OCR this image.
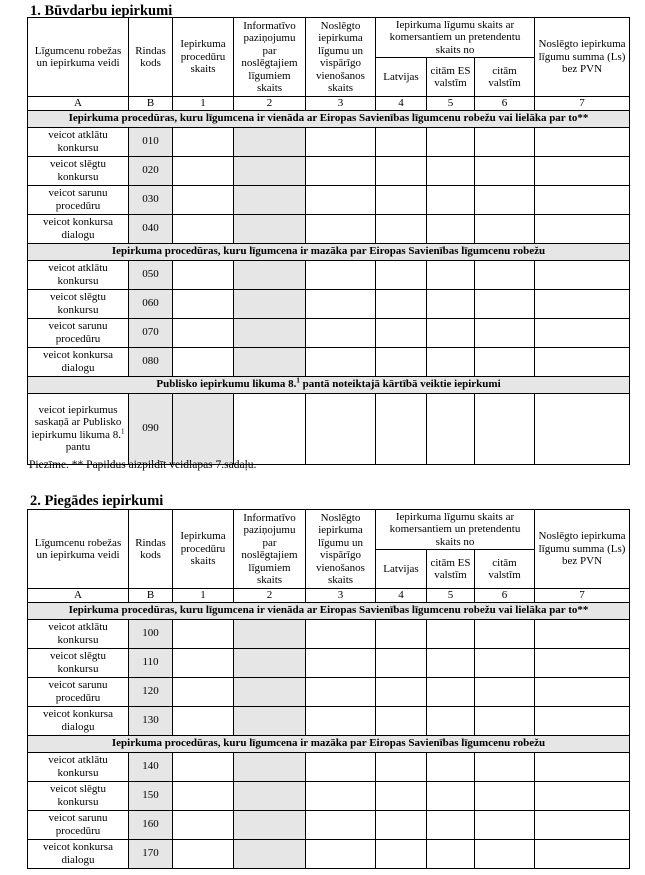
1. Būvdarbu iepirkumi
Līgumcenu robežas un iepirkuma veidi	Rindas kods	Iepirkuma procedūru skaits	Informatīvo paziņojumu par noslēgtajiem līgumiem skaits	Noslēgto iepirkuma līgumu un vispārīgo vienošanos skaits	Iepirkuma līgumu skaits ar komersantiem un pretendentu skaits no			Noslēgto iepirkuma līgumu summa (Ls) bez PVN
					Latvijas	citām ES valstīm	citām valstīm	
A	B	1	2	3	4	5	6	7
Iepirkuma procedūras, kuru līgumcena ir vienāda ar Eiropas Savienības līgumcenu robežu vai lielāka par to**								
veicot atklātu konkursu	010							
veicot slēgtu konkursu	020							
veicot sarunu procedūru	030							
veicot konkursa dialogu	040							
Iepirkuma procedūras, kuru līgumcena ir mazāka par Eiropas Savienības līgumcenu robežu								
veicot atklātu konkursu	050							
veicot slēgtu konkursu	060							
veicot sarunu procedūru	070							
veicot konkursa dialogu	080							
Publisko iepirkumu likuma 8.$^1$ pantā noteiktajā kārtībā veiktie iepirkumi								
veicot iepirkumus saskaņā ar Publisko iepirkumu likuma 8.$^1$ pantu	090							
Piezīme. ** Papildus aizpildīt veidlapas 7.sadaļu.
2. Piegādes iepirkumi
Līgumcenu robežas un iepirkuma veidi	Rindas kods	Iepirkuma procedūru skaits	Informatīvo paziņojumu par noslēgtajiem līgumiem skaits	Noslēgto iepirkuma līgumu un vispārīgo vienošanos skaits	Iepirkuma līgumu skaits ar komersantiem un pretendentu skaits no			Noslēgto iepirkuma līgumu summa (Ls) bez PVN
					Latvijas	citām ES valstīm	citām valstīm	
A	B	1	2	3	4	5	6	7
Iepirkuma procedūras, kuru līgumcena ir vienāda ar Eiropas Savienības līgumcenu robežu vai lielāka par to**								
veicot atklātu konkursu	100							
veicot slēgtu konkursu	110							
veicot sarunu procedūru	120							
veicot konkursa dialogu	130							
Iepirkuma procedūras, kuru līgumcena ir mazāka par Eiropas Savienības līgumcenu robežu								
veicot atklātu konkursu	140							
veicot slēgtu konkursu	150							
veicot sarunu procedūru	160							
veicot konkursa dialogu	170							
